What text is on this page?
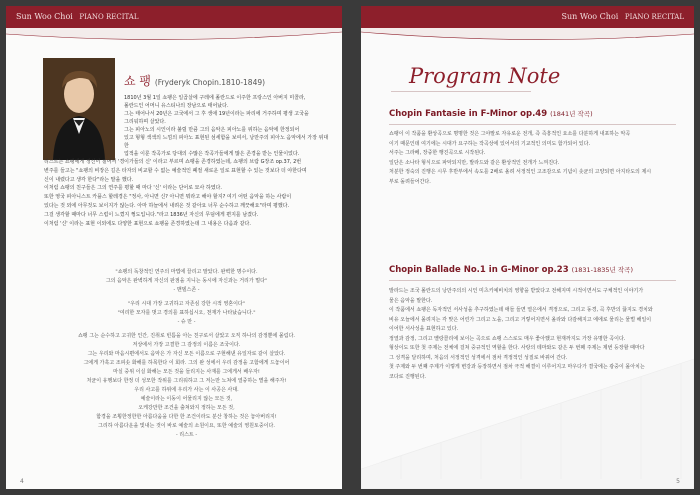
Sun Woo Choi PIANO RECITAL
쇼 팽 (Fryderyk Chopin.1810-1849)

1810년 3월 1일 쇼팽은 일곱살에 구레에 폴란드로 이주한 프랑스인 아버지 미콜라,

폴란드인 어머니 유스티나의 장남으로 태어났다.

그는 태어나서 20년은 고국에서 그 후 생애 19년이라는 파리에 거주하며 평생 고국을

그리워하며 살았다.

그는 피아노의 시인이라 불릴 만큼 그의 음악은 피아노를 위하는 음악에 한정되어

있고 형형 색색의 느낌의 피아노 표현된 섬세함을 보여서, 낭만주의 피아노 음악에서 가장 위대한

업적을 이룬 작곡가로 당대의 수많은 작곡가들에게 많은 존경을 받는 인물이었다.

리스트는 쇼팽에게 정신이 짙어서 '경이가들의 신' 이라고 부르며 쇼팽을 존경하였는데, 쇼팽의 브람 G장조 op.37, 2번

변주를 들고는 "쇼팽의 비장은 길은 타자의 비교할 수 없는 예술적인 폐절 새로운 일로 표현할 수 있는 것보다 더 야한다며

신이 내렸다고 생각 한다"라는 말을 했다.

이처럼 쇼팽의 친구들은 그의 연주를 평할 때 마다 '신' 이라는 단어로 묘사 하였다.

또한 영국 피아니스트 카플스 할레경은 "정사, 아니면 신? 아니면 뭐라고 해야 할지? 여기 어떤 음악을 하는 사람이

있다는 것 외에 아무것도 보이지가 않는다. 아마 하늘에서 내려온 것 같아요 너무 순수하고 깨끗해요"라며 평했다.

그걸 생각할 때마다 너무 스럽이 느꼈지 쩡도입니다."라고 1836년 자신의 무덤에게 편지를 남겼다.

이처럼 '신' 이라는 표현 이외에도 다양한 표현으로 쇼팽을 존경하였는데 그 내용은 다음과 같다.

"쇼팽의 독창적인 연주의 마법에 끌리고 말았다. 완벽한 명수이다.
그의 음악은 완벽하게 자신의 판점을 지니는 동시에 자신과는 거리가 멀다"
- 맨델스존 -

"우리 시대 가장 고귀하고 자존심 강한 시적 영혼이다"
"여리한 모자를 벗고 경의를 표하십시오, 천재가 나타났습니다."
- 슈 만 -

쇼팽 그는 순수하고 고귀한 인간, 진취로 빈틈을 아는 친구로서 살았고 오직 하나의 감정뿐에 몰림다.
저상에서 가장 고결한 그 감정의 이름은 조국이다.
그는 우리와 마음시편에서도 음악은 가 자신 모든 이름으로 구현해낸 유일자로 같이 살았다.
그에게 가혹고 조피솟 화해를 하목한다 이 회라. 그의 완 성에서 우리 감정을 고함에게 드놓이어
마실 중위 이실 화해는 모든 것을 들리지는 사재를 그에게서 배우자!
처균이 유행보다 한정 더 성모한 작위를 그리워하고 그 저는만 노쳐에 열중하는 별을 해주자!
우리 사고를 하위에 우리가 사는 이 사공은 사대.
예술이라는 이동이 어물리지 않는 모든 것,
오케강만한 조건을 출쳐와지 정하는 모든 것,
함경을 조횡한정한한 아름다움을 다한 한 조건이라도 분산 창하는 것은 놓아버리지!
그리하 아름다운을 빛내는 것이 바로 예술의 소원이요, 또한 예술의 영원토중이다.
- 리스트 -

4
Sun Woo Choi PIANO RECITAL
Program Note
Chopin Fantasie in F-Minor op.49 (1841년 작곡)

쇼팽이 이 작품을 환상곡으로 명명한 것은 그야말로 자유로운 전개, 즉 즉흥적인 요소를 다분하게 내포하는 악곡

이기 때문인데 여기에는 시대가 요구하는 작곡상에 있어서의 기교적인 의미도 함가되어 있다.

서주는 그라베, 장중한 행진곡으로 시작된다.

일단은 소나타 형식으로 파악되지만, 발라드와 같은 환상적인 전개가 느껴진다.

처분한 정숙의 진행은 시무 후반부에서 속도를 2배로 올려 서정적인 고조감으로 기념이 솟균의 고양되면 아지타도의 제시

부로 돌려들어간다.

Chopin Ballade No.1 in G-Minor op.23 (1831-1835년 작곡)

발라드는 조국 폴란드의 낭만주의의 시인 미츠키예비치의 영향을 받았다고 전해지며 시적이면서도 구체적인 이야기가

물은 음악을 말한다.

이 작품에서 쇼팽은 독자적인 서사성을 추구하였는데 애들 들면 열은에서 격정으로, 그리고 동경, 곡 후반의 끓지도 경치와

비유 오늘에서 몰려지는 각 맞은 어린가 그리고 노을, 그리고 거렇어지면서 올라와 다감해지고 에에로 물리는 물벌 해일이

이어한 서사성을 표현하고 있다.

정열과 감정, 그리고 멜랑콜리에 보이는 곡으로 쇼팽 스스로도 매우 좋아했고 현재까지도 가장 유명한 곡이다.

형상이도 또한 첫 주제는 전체에 걸쳐 중규적인 역할을 한다. 사랑의 테마와도 같은 두 번째 주제는 제번 등장할 때마다

그 성격을 달리하며, 처음의 서정적인 성격에서 점차 격정적인 성질로 바뀌어 간다.

첫 주제와 두 번째 주제가 이렇게 변강과 등장하면서 점차 극적 해결이 이루어지고 마우다가 결국에는 광중이 몰아치는

코다로 진행된다.

5
